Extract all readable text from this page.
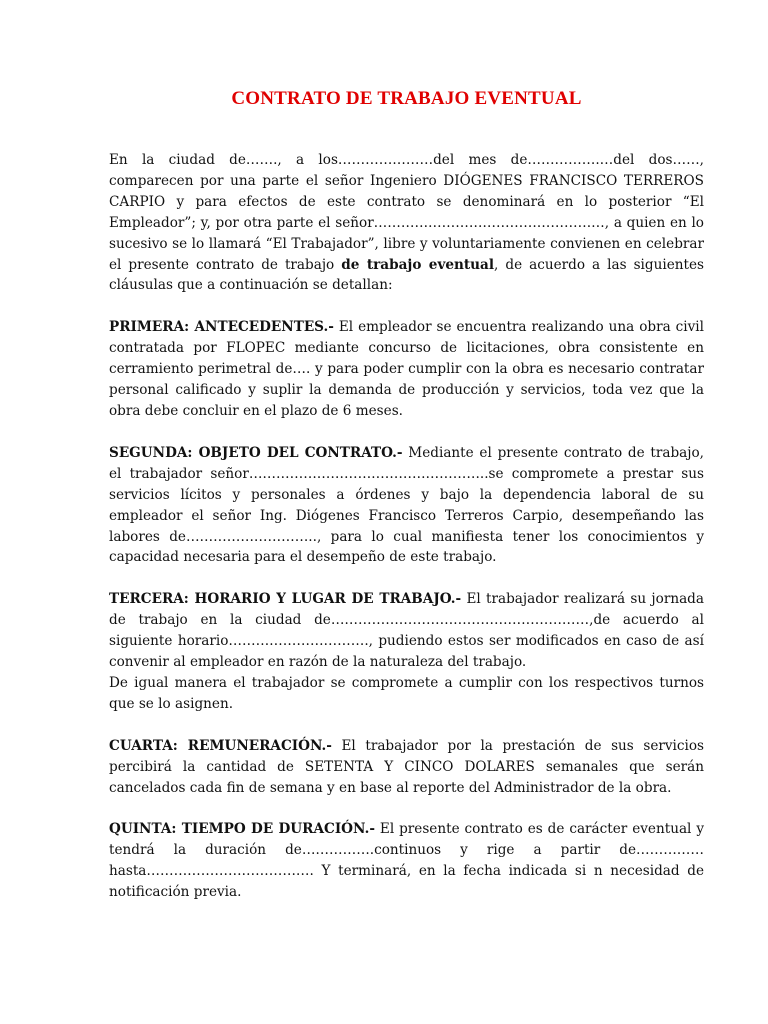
CONTRATO DE TRABAJO EVENTUAL

En la ciudad de……., a los…………………del mes de…………….…del dos……, comparecen por una parte el señor Ingeniero DIÓGENES FRANCISCO TERREROS CARPIO y para efectos de este contrato se denominará en lo posterior “El Empleador”; y, por otra parte el señor……………………………………………, a quien en lo sucesivo se lo llamará “El Trabajador”, libre y voluntariamente convienen en celebrar el presente contrato de trabajo de trabajo eventual, de acuerdo a las siguientes cláusulas que a continuación se detallan:

PRIMERA: ANTECEDENTES.- El empleador se encuentra realizando una obra civil contratada por FLOPEC mediante concurso de licitaciones, obra consistente en cerramiento perimetral de…. y para poder cumplir con la obra es necesario contratar personal calificado y suplir la demanda de producción y servicios, toda vez que la obra debe concluir en el plazo de 6 meses.

SEGUNDA: OBJETO DEL CONTRATO.- Mediante el presente contrato de trabajo, el trabajador señor……………………………………………..se compromete a prestar sus servicios lícitos y personales a órdenes y bajo la dependencia laboral de su empleador el señor Ing. Diógenes Francisco Terreros Carpio, desempeñando las labores de……………………….., para lo cual manifiesta tener los conocimientos y capacidad necesaria para el desempeño de este trabajo.

TERCERA: HORARIO Y LUGAR DE TRABAJO.- El trabajador realizará su jornada de trabajo en la ciudad de…………………………………………………,de acuerdo al siguiente horario…………………………., pudiendo estos ser modificados en caso de así convenir al empleador en razón de la naturaleza del trabajo.
De igual manera el trabajador se compromete a cumplir con los respectivos turnos que se lo asignen.

CUARTA: REMUNERACIÓN.- El trabajador por la prestación de sus servicios percibirá la cantidad de SETENTA Y CINCO DOLARES semanales que serán cancelados cada fin de semana y en base al reporte del Administrador de la obra.

QUINTA: TIEMPO DE DURACIÓN.- El presente contrato es de carácter eventual y tendrá la duración de…………….continuos y rige a partir de……………hasta………………………………. Y terminará, en la fecha indicada si n necesidad de notificación previa.
